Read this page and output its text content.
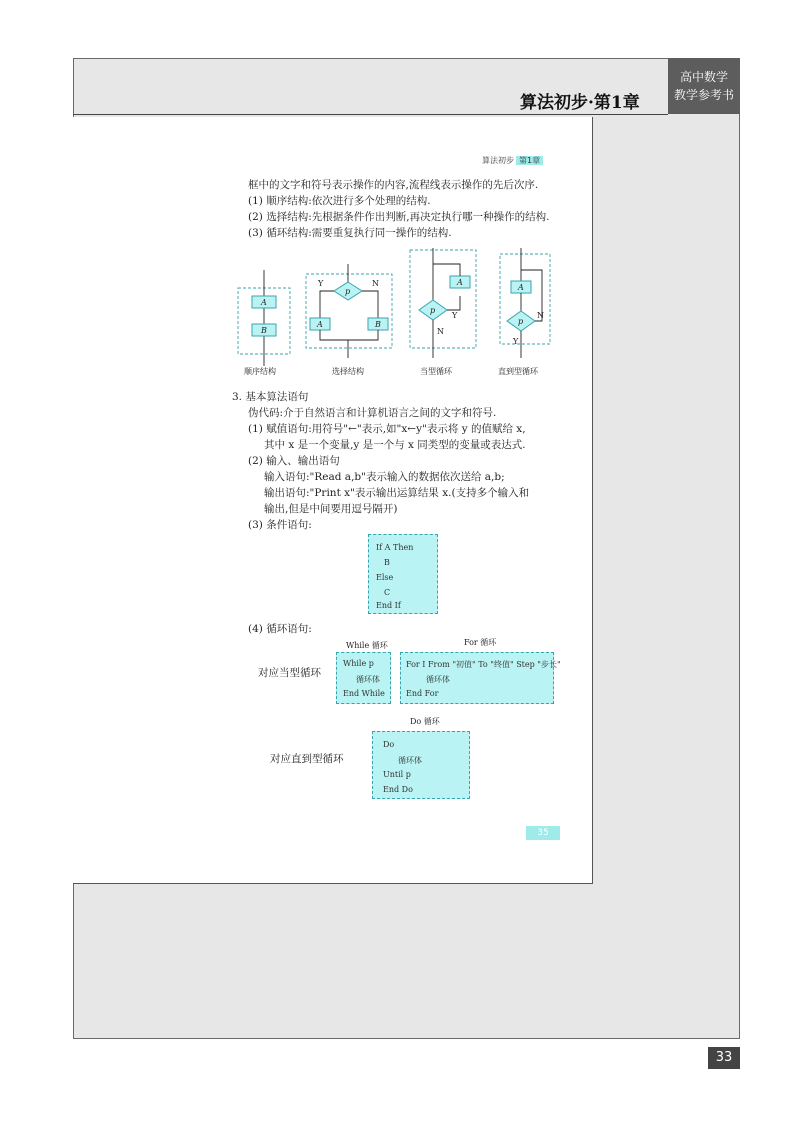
算法初步·第1章
高中数学
教学参考书
算法初步 第1章
框中的文字和符号表示操作的内容,流程线表示操作的先后次序.
(1) 顺序结构:依次进行多个处理的结构.
(2) 选择结构:先根据条件作出判断,再决定执行哪一种操作的结构.
(3) 循环结构:需要重复执行同一操作的结构.
A
B
p
Y	N
A	B
p
A
Y
N
A
p
N
Y
顺序结构	选择结构	当型循环	直到型循环
3. 基本算法语句
伪代码:介于自然语言和计算机语言之间的文字和符号.
(1) 赋值语句:用符号"←"表示,如"x←y"表示将 y 的值赋给 x,
其中 x 是一个变量,y 是一个与 x 同类型的变量或表达式.
(2) 输入、输出语句
输入语句:"Read a,b"表示输入的数据依次送给 a,b;
输出语句:"Print x"表示输出运算结果 x.(支持多个输入和
输出,但是中间要用逗号隔开)
(3) 条件语句:
If A Then
B
Else
C
End If
(4) 循环语句:
While 循环	For 循环
对应当型循环
While p
循环体
End While
For I From "初值" To "终值" Step "步长"
循环体
End For
Do 循环
对应直到型循环
Do
循环体
Until p
End Do
35
33
